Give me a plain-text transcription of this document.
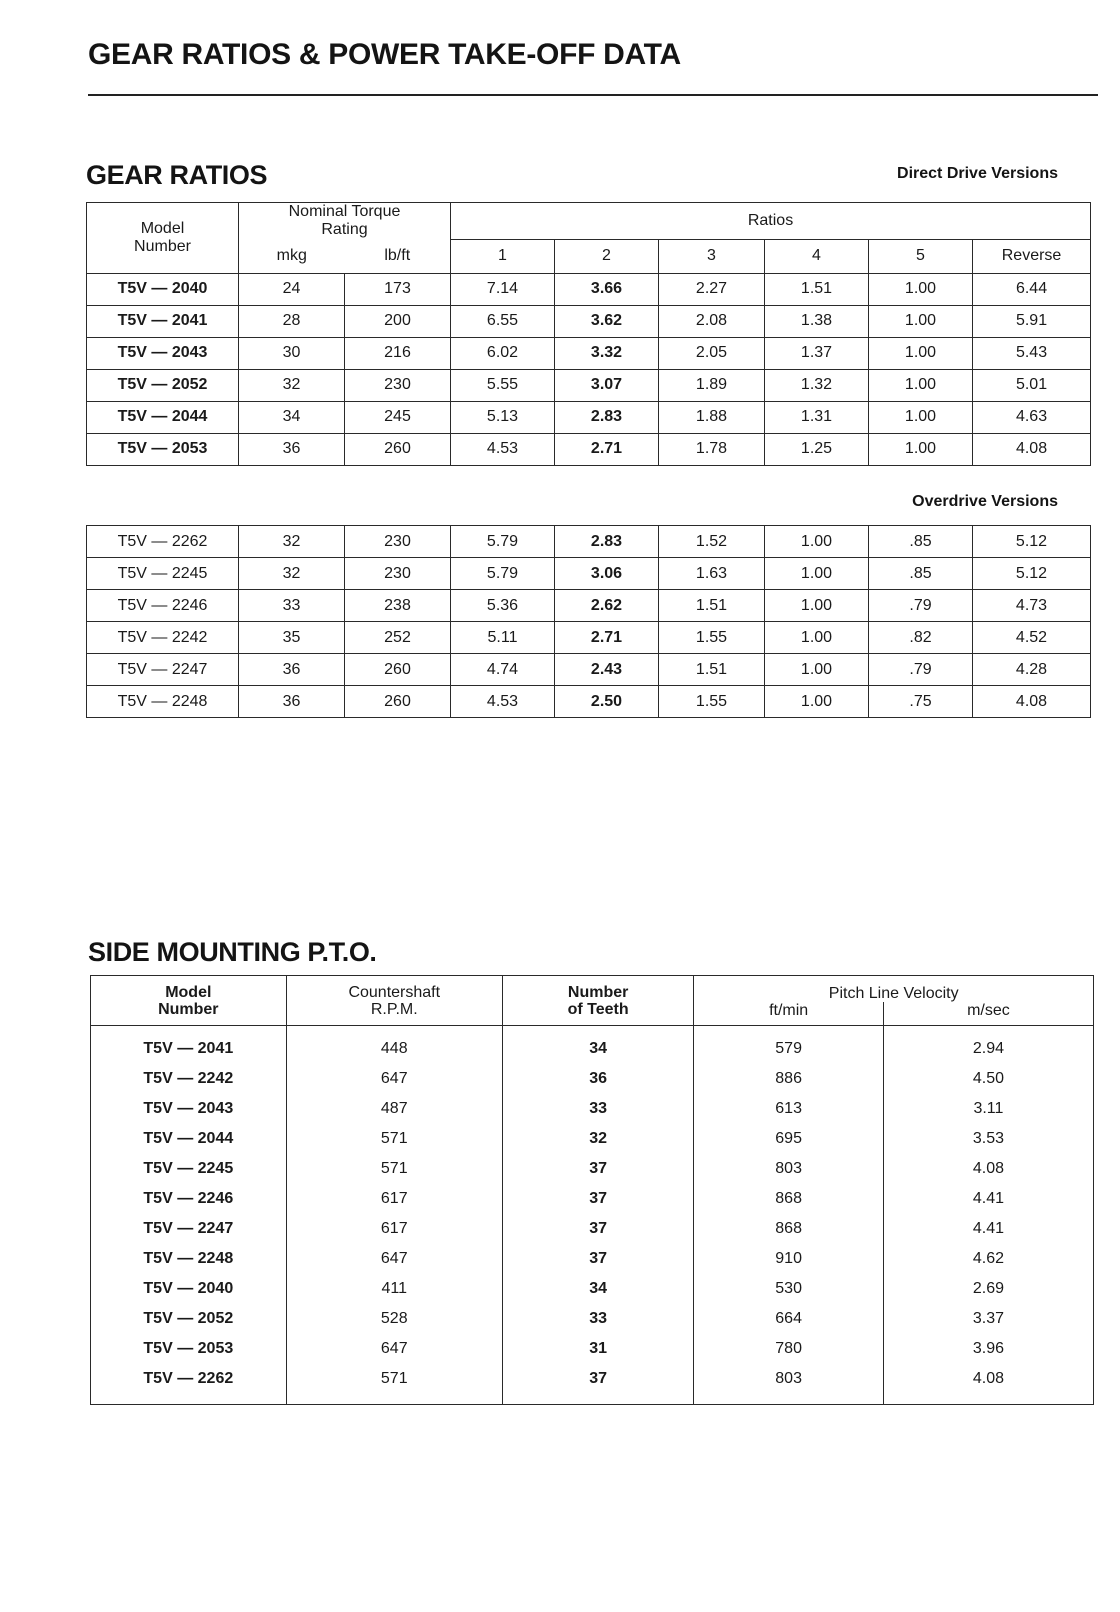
GEAR RATIOS & POWER TAKE-OFF DATA
GEAR RATIOS	Direct Drive Versions
Model Number	Nominal Torque Rating		Ratios					
	mkg	lb/ft	1	2	3	4	5	Reverse
T5V — 2040	24	173	7.14	3.66	2.27	1.51	1.00	6.44
T5V — 2041	28	200	6.55	3.62	2.08	1.38	1.00	5.91
T5V — 2043	30	216	6.02	3.32	2.05	1.37	1.00	5.43
T5V — 2052	32	230	5.55	3.07	1.89	1.32	1.00	5.01
T5V — 2044	34	245	5.13	2.83	1.88	1.31	1.00	4.63
T5V — 2053	36	260	4.53	2.71	1.78	1.25	1.00	4.08
Overdrive Versions
T5V — 2262	32	230	5.79	2.83	1.52	1.00	.85	5.12
T5V — 2245	32	230	5.79	3.06	1.63	1.00	.85	5.12
T5V — 2246	33	238	5.36	2.62	1.51	1.00	.79	4.73
T5V — 2242	35	252	5.11	2.71	1.55	1.00	.82	4.52
T5V — 2247	36	260	4.74	2.43	1.51	1.00	.79	4.28
T5V — 2248	36	260	4.53	2.50	1.55	1.00	.75	4.08
SIDE MOUNTING P.T.O.
Model Number	Countershaft R.P.M.	Number of Teeth	Pitch Line Velocity	
			ft/min	m/sec
T5V — 2041	448	34	579	2.94
T5V — 2242	647	36	886	4.50
T5V — 2043	487	33	613	3.11
T5V — 2044	571	32	695	3.53
T5V — 2245	571	37	803	4.08
T5V — 2246	617	37	868	4.41
T5V — 2247	617	37	868	4.41
T5V — 2248	647	37	910	4.62
T5V — 2040	411	34	530	2.69
T5V — 2052	528	33	664	3.37
T5V — 2053	647	31	780	3.96
T5V — 2262	571	37	803	4.08
